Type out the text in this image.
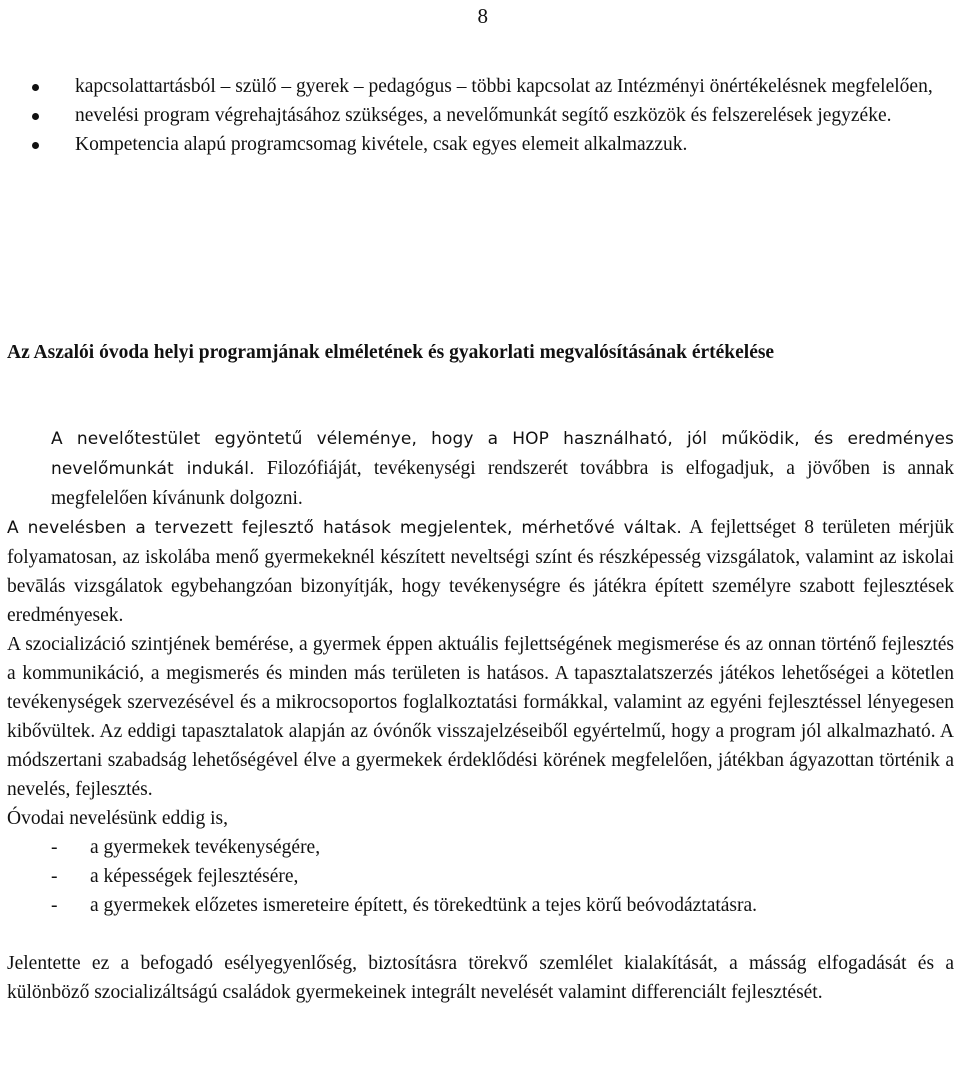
8
kapcsolattartásból – szülő – gyerek – pedagógus – többi kapcsolat az Intézményi önértékelésnek megfelelően,
nevelési program végrehajtásához szükséges, a nevelőmunkát segítő eszközök és felszerelések jegyzéke.
Kompetencia alapú programcsomag kivétele, csak egyes elemeit alkalmazzuk.
Az Aszalói óvoda helyi programjának elméletének és gyakorlati megvalósításának értékelése

A nevelőtestület egyöntetű véleménye, hogy a HOP használható, jól működik, és eredményes nevelőmunkát indukál. Filozófiáját, tevékenységi rendszerét továbbra is elfogadjuk, a jövőben is annak megfelelően kívánunk dolgozni.

A nevelésben a tervezett fejlesztő hatások megjelentek, mérhetővé váltak. A fejlettséget 8 területen mérjük folyamatosan, az iskolába menő gyermekeknél készített neveltségi színt és részképesség vizsgálatok, valamint az iskolai bevālás vizsgálatok egybehangzóan bizonyítják, hogy tevékenységre és játékra épített személyre szabott fejlesztések eredményesek.

A szocializáció szintjének bemérése, a gyermek éppen aktuális fejlettségének megismerése és az onnan történő fejlesztés a kommunikáció, a megismerés és minden más területen is hatásos. A tapasztalatszerzés játékos lehetőségei a kötetlen tevékenységek szervezésével és a mikrocsoportos foglalkoztatási formákkal, valamint az egyéni fejlesztéssel lényegesen kibővültek. Az eddigi tapasztalatok alapján az óvónők visszajelzéseiből egyértelmű, hogy a program jól alkalmazható. A módszertani szabadság lehetőségével élve a gyermekek érdeklődési körének megfelelően, játékban ágyazottan történik a nevelés, fejlesztés.

Óvodai nevelésünk eddig is,

- a gyermekek tevékenységére,
- a képességek fejlesztésére,
- a gyermekek előzetes ismereteire épített, és törekedtünk a tejes körű beóvodáztatásra.

Jelentette ez a befogadó esélyegyenlőség, biztosításra törekvő szemlélet kialakítását, a másság elfogadását és a különböző szocializáltságú családok gyermekeinek integrált nevelését valamint differenciált fejlesztését.
